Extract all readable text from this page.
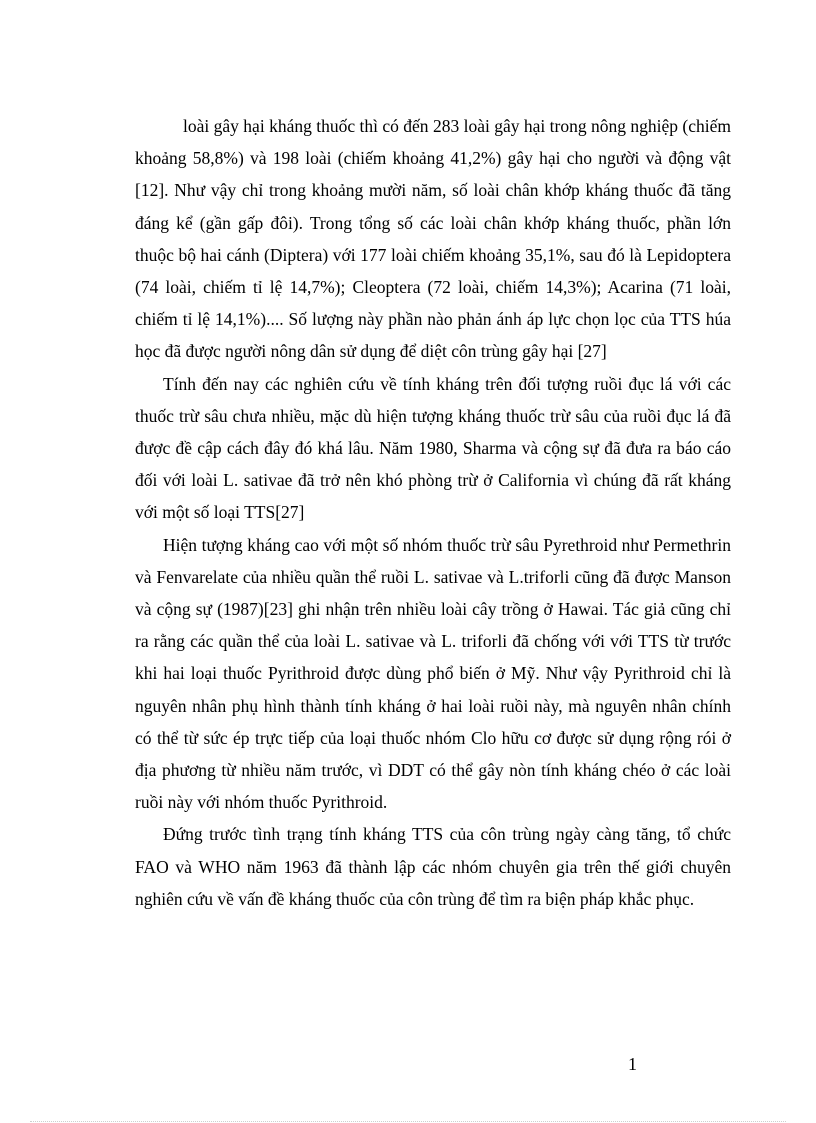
loài gây hại kháng thuốc thì có đến 283 loài gây hại trong nông nghiệp (chiếm khoảng 58,8%) và 198 loài (chiếm khoảng 41,2%) gây hại cho người và động vật [12]. Như vậy chỉ trong khoảng mười năm, số loài chân khớp kháng thuốc đã tăng đáng kể (gần gấp đôi). Trong tổng số các loài chân khớp kháng thuốc, phần lớn thuộc bộ hai cánh (Diptera) với 177 loài chiếm khoảng 35,1%, sau đó là Lepidoptera (74 loài, chiếm tỉ lệ 14,7%); Cleoptera (72 loài, chiếm 14,3%); Acarina (71 loài, chiếm tỉ lệ 14,1%).... Số lượng này phần nào phản ánh áp lực chọn lọc của TTS húa học đã được người nông dân sử dụng để diệt côn trùng gây hại [27]

Tính đến nay các nghiên cứu về tính kháng trên đối tượng ruồi đục lá với các thuốc trừ sâu chưa nhiều, mặc dù hiện tượng kháng thuốc trừ sâu của ruồi đục lá đã được đề cập cách đây đó khá lâu. Năm 1980, Sharma và cộng sự đã đưa ra báo cáo đối với loài L. sativae đã trở nên khó phòng trừ ở California vì chúng đã rất kháng với một số loại TTS[27]

Hiện tượng kháng cao với một số nhóm thuốc trừ sâu Pyrethroid như Permethrin và Fenvarelate của nhiều quần thể ruồi L. sativae và L.triforli cũng đã được Manson và cộng sự (1987)[23] ghi nhận trên nhiều loài cây trồng ở Hawai. Tác giả cũng chỉ ra rằng các quần thể của loài L. sativae và L. triforli đã chống với với TTS từ trước khi hai loại thuốc Pyrithroid được dùng phổ biến ở Mỹ. Như vậy Pyrithroid chỉ là nguyên nhân phụ hình thành tính kháng ở hai loài ruồi này, mà nguyên nhân chính có thể từ sức ép trực tiếp của loại thuốc nhóm Clo hữu cơ được sử dụng rộng rói ở địa phương từ nhiều năm trước, vì DDT có thể gây nòn tính kháng chéo ở các loài ruồi này với nhóm thuốc Pyrithroid.

Đứng trước tình trạng tính kháng TTS của côn trùng ngày càng tăng, tổ chức FAO và WHO năm 1963 đã thành lập các nhóm chuyên gia trên thế giới chuyên nghiên cứu về vấn đề kháng thuốc của côn trùng để tìm ra biện pháp khắc phục.

1
